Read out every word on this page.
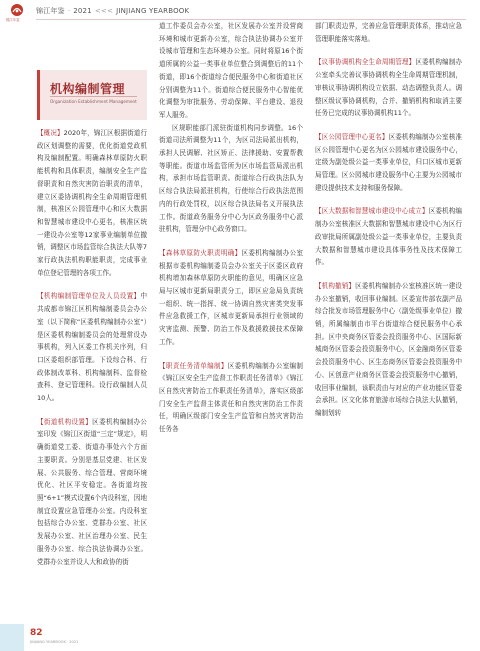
锦江年鉴
锦江年鉴 · 2021 <<< JINJIANG YEARBOOK
机构编制管理
Organization Establishment Management

【概况】2020年，锦江区根据街道行政区划调整的需要，优化街道党政机构及编制配置。明确森林草原防火职能机构和具体职责，编制安全生产监督职责和自然灾害防治职责的清单，建立区委协调机构全生命周期管理机制，核准区公园管理中心和区大数据和智慧城市建设中心更名，核准区统一建设办公室等12家事业编制单位撤销，调整区市场监管综合执法大队等7家行政执法机构职能职责，完成事业单位登记管理的各项工作。

【机构编制管理单位及人员设置】中共成都市锦江区机构编制委员会办公室（以下简称“区委机构编制办公室”）是区委机构编制委员会的处理常设办事机构，列入区委工作机关序列，归口区委组织部管理。下设综合科、行政体制改革科、机构编制科、监督检查科、登记管理科。设行政编制人员10人。

【街道机构设置】区委机构编制办公室印发《锦江区街道“三定”规定》，明确街道党工委、街道办事处六个方面主要职责。分别是基层党建、社区发展、公共服务、综合管理、营商环境优化、社区平安稳定。各街道均按照“6+1”模式设置6个内设科室，因地制宜设置应急管理办公室。内设科室包括综合办公室、党群办公室、社区发展办公室、社区治理办公室、民生服务办公室、综合执法协调办公室。党群办公室并设人大和政协的街

道工作委员会办公室，社区发展办公室并设营商环境和城市更新办公室，综合执法协调办公室并设城市管理和生态环境办公室。同时将原16个街道所属的公益一类事业单位整合到调整后的11个街道，即16个街道综合便民服务中心和街道社区分别调整为11个。街道综合便民服务中心智能优化调整为审批服务、劳动保障、平台建设、退役军人服务。

区规职能部门派驻街道机构同步调整。16个街道司法所调整为11个，为区司法局派出机构，承担人民调解、社区矫正、法律援助、安置帮教等职能。街道市场监管所为区市场监管局派出机构，承担市场监管职责。街道综合行政执法队为区综合执法局派驻机构，行使综合行政执法范围内的行政处罚权，以区综合执法局名义开展执法工作。街道政务服务分中心为区政务服务中心派驻机构，管理分中心政务窗口。

【森林草原防火职责明确】区委机构编制办公室根据市委机构编制委员会办公室关于区委区政府机构增加森林草原防火职能的意见，明确区应急局与区城市更新局职责分工，即区应急局负责统一组织、统一指挥、统一协调自然灾害类突发事件应急救援工作，区城市更新局承担行业领域的灾害监测、预警、防治工作及救援救援技术保障工作。

【职责任务清单编制】区委机构编制办公室编制《锦江区安全生产监督工作职责任务清单》《锦江区自然灾害防治工作职责任务清单》，落实区级部门安全生产监督主体责任和自然灾害防治工作责任，明确区级部门安全生产监管和自然灾害防治任务各

部门职责边界，完善应急管理职责体系，推动应急管理职能落实落地。

【议事协调机构全生命周期管理】区委机构编制办公室牵头完善议事协调机构全生命周期管理机制，审核议事协调机构设立依据、动态调整负责人。调整区级议事协调机构，合并、撤销机构和取消主要任务已完成的议事协调机构11个。

【区公园管理中心更名】区委机构编制办公室核准区公园管理中心更名为区公园城市建设服务中心，定级为副处级公益一类事业单位，归口区城市更新局管理。区公园城市建设服务中心主要为公园城市建设提供技术支持和服务保障。

【区大数据和智慧城市建设中心成立】区委机构编制办公室核准区大数据和智慧城市建设中心为区行政审批局所属副处级公益一类事业单位，主要负责大数据和智慧城市建设具体事务性及技术保障工作。

【机构撤销】区委机构编制办公室核准区统一建设办公室撤销，收回事业编制。区委宣传部农副产品综合批发市场管理服务中心（副处级事业单位）撤销，所属编制由市平台街道综合便民服务中心承担。区中央商务区管委会投资服务中心、区国际新城商务区管委会投资服务中心，区金融商务区管委会投资服务中心、区生态商务区管委会投资服务中心、区创意产业商务区管委会投资服务中心撤销，收回事业编制，该职责由与对应的产业功能区管委会承担。区文化体育旅游市场综合执法大队撤销，编制划转

82
JINJIANG YEARBOOK · 2021
